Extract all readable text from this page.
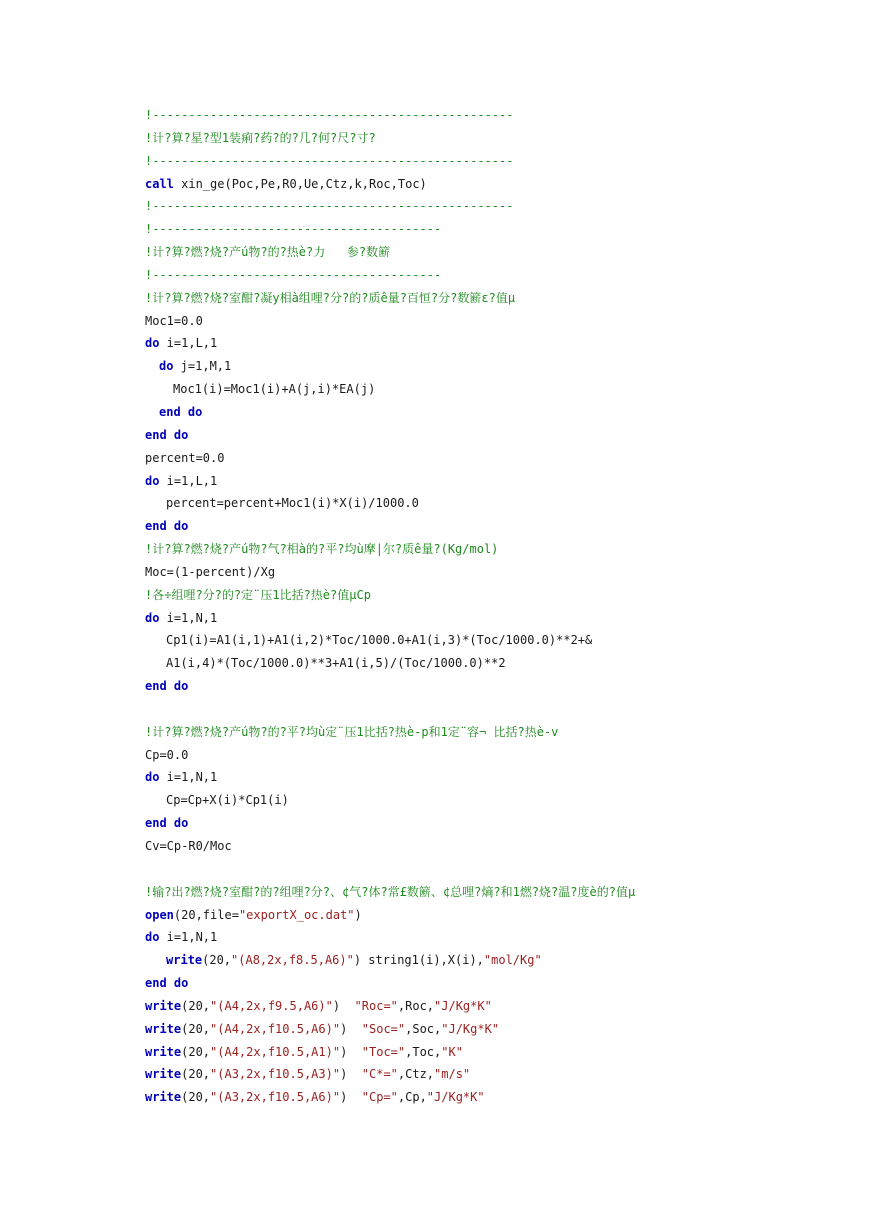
!--------------------------------------------------
!计?算?星?型1装痢?药?的?几?何?尺?寸?
!--------------------------------------------------
call xin_ge(Poc,Pe,R0,Ue,Ctz,k,Roc,Toc)
!--------------------------------------------------
!----------------------------------------
!计?算?燃?烧?产ú物?的?热è?力   参?数簖
!----------------------------------------
!计?算?燃?烧?室酣?凝y相à组哩?分?的?质ê量?百恒?分?数簖ε?值μ
Moc1=0.0
do i=1,L,1
do j=1,M,1
Moc1(i)=Moc1(i)+A(j,i)*EA(j)
end do
end do
percent=0.0
do i=1,L,1
percent=percent+Moc1(i)*X(i)/1000.0
end do
!计?算?燃?烧?产ú物?气?相à的?平?均ù摩|尔?质ê量?(Kg/mol)
Moc=(1-percent)/Xg
!各÷组哩?分?的?定¨压1比括?热è?值μCp
do i=1,N,1
Cp1(i)=A1(i,1)+A1(i,2)*Toc/1000.0+A1(i,3)*(Toc/1000.0)**2+&
A1(i,4)*(Toc/1000.0)**3+A1(i,5)/(Toc/1000.0)**2
end do
!计?算?燃?烧?产ú物?的?平?均ù定¨压1比括?热è-p和1定¨容¬ 比括?热è-v
Cp=0.0
do i=1,N,1
Cp=Cp+X(i)*Cp1(i)
end do
Cv=Cp-R0/Moc
!输?出?燃?烧?室酣?的?组哩?分?、¢气?体?常£数簖、¢总哩?熵?和1燃?烧?温?度è的?值μ
open(20,file="exportX_oc.dat")
do i=1,N,1
write(20,"(A8,2x,f8.5,A6)") string1(i),X(i),"mol/Kg"
end do
write(20,"(A4,2x,f9.5,A6)")  "Roc=",Roc,"J/Kg*K"
write(20,"(A4,2x,f10.5,A6)")  "Soc=",Soc,"J/Kg*K"
write(20,"(A4,2x,f10.5,A1)")  "Toc=",Toc,"K"
write(20,"(A3,2x,f10.5,A3)")  "C*=",Ctz,"m/s"
write(20,"(A3,2x,f10.5,A6)")  "Cp=",Cp,"J/Kg*K"
